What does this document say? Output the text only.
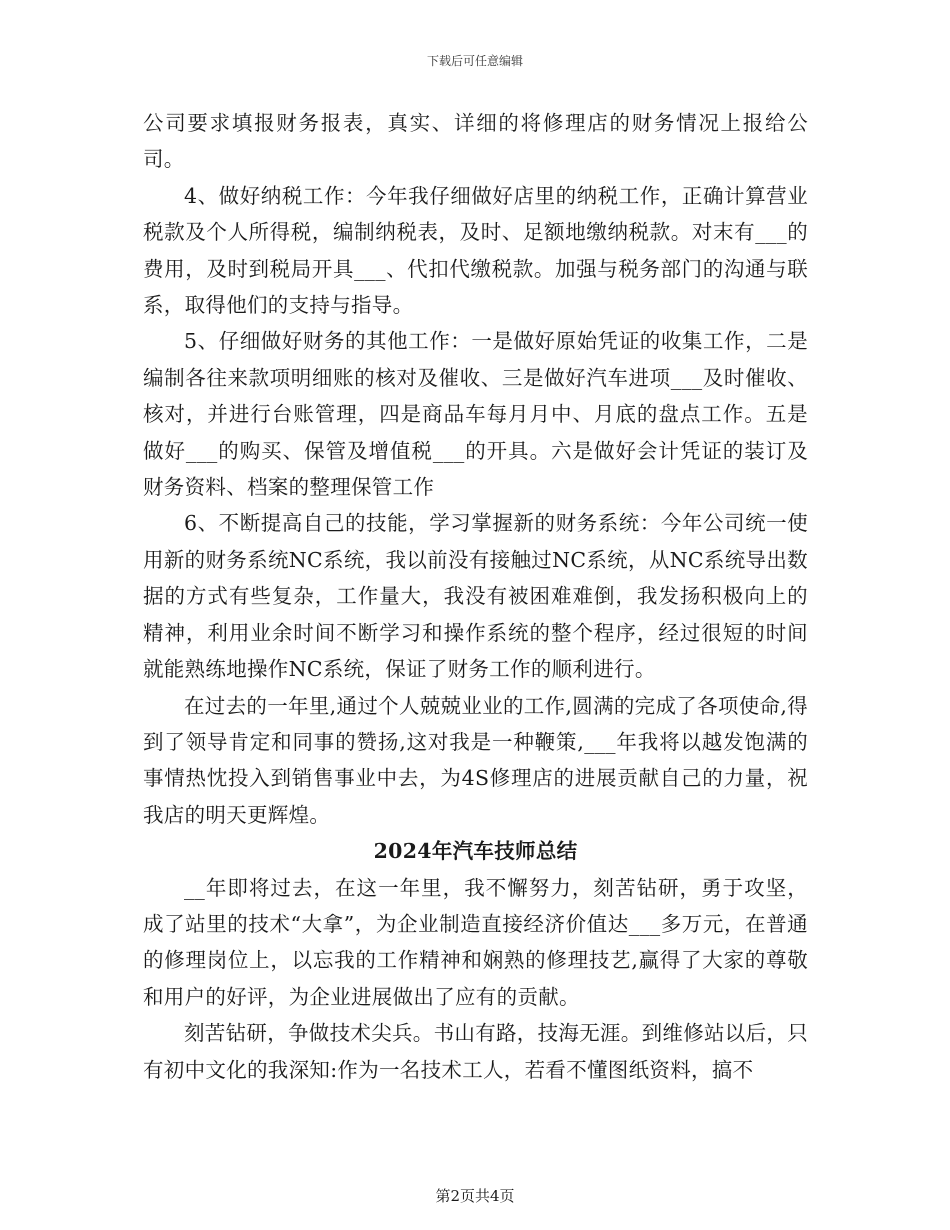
下载后可任意编辑

公司要求填报财务报表，真实、详细的将修理店的财务情况上报给公司。

4、做好纳税工作：今年我仔细做好店里的纳税工作，正确计算营业税款及个人所得税，编制纳税表，及时、足额地缴纳税款。对末有___的费用，及时到税局开具___、代扣代缴税款。加强与税务部门的沟通与联系，取得他们的支持与指导。

5、仔细做好财务的其他工作：一是做好原始凭证的收集工作，二是编制各往来款项明细账的核对及催收、三是做好汽车进项___及时催收、核对，并进行台账管理，四是商品车每月月中、月底的盘点工作。五是做好___的购买、保管及增值税___的开具。六是做好会计凭证的装订及财务资料、档案的整理保管工作

6、不断提高自己的技能，学习掌握新的财务系统：今年公司统一使用新的财务系统NC系统，我以前没有接触过NC系统，从NC系统导出数据的方式有些复杂，工作量大，我没有被困难难倒，我发扬积极向上的精神，利用业余时间不断学习和操作系统的整个程序，经过很短的时间就能熟练地操作NC系统，保证了财务工作的顺利进行。

在过去的一年里,通过个人兢兢业业的工作,圆满的完成了各项使命,得到了领导肯定和同事的赞扬,这对我是一种鞭策,___年我将以越发饱满的事情热忱投入到销售事业中去，为4S修理店的进展贡献自己的力量，祝我店的明天更辉煌。

2024年汽车技师总结

__年即将过去，在这一年里，我不懈努力，刻苦钻研，勇于攻坚，成了站里的技术“大拿”，为企业制造直接经济价值达___多万元，在普通的修理岗位上，以忘我的工作精神和娴熟的修理技艺,赢得了大家的尊敬和用户的好评，为企业进展做出了应有的贡献。

刻苦钻研，争做技术尖兵。书山有路，技海无涯。到维修站以后，只有初中文化的我深知:作为一名技术工人，若看不懂图纸资料，搞不

第2页共4页
